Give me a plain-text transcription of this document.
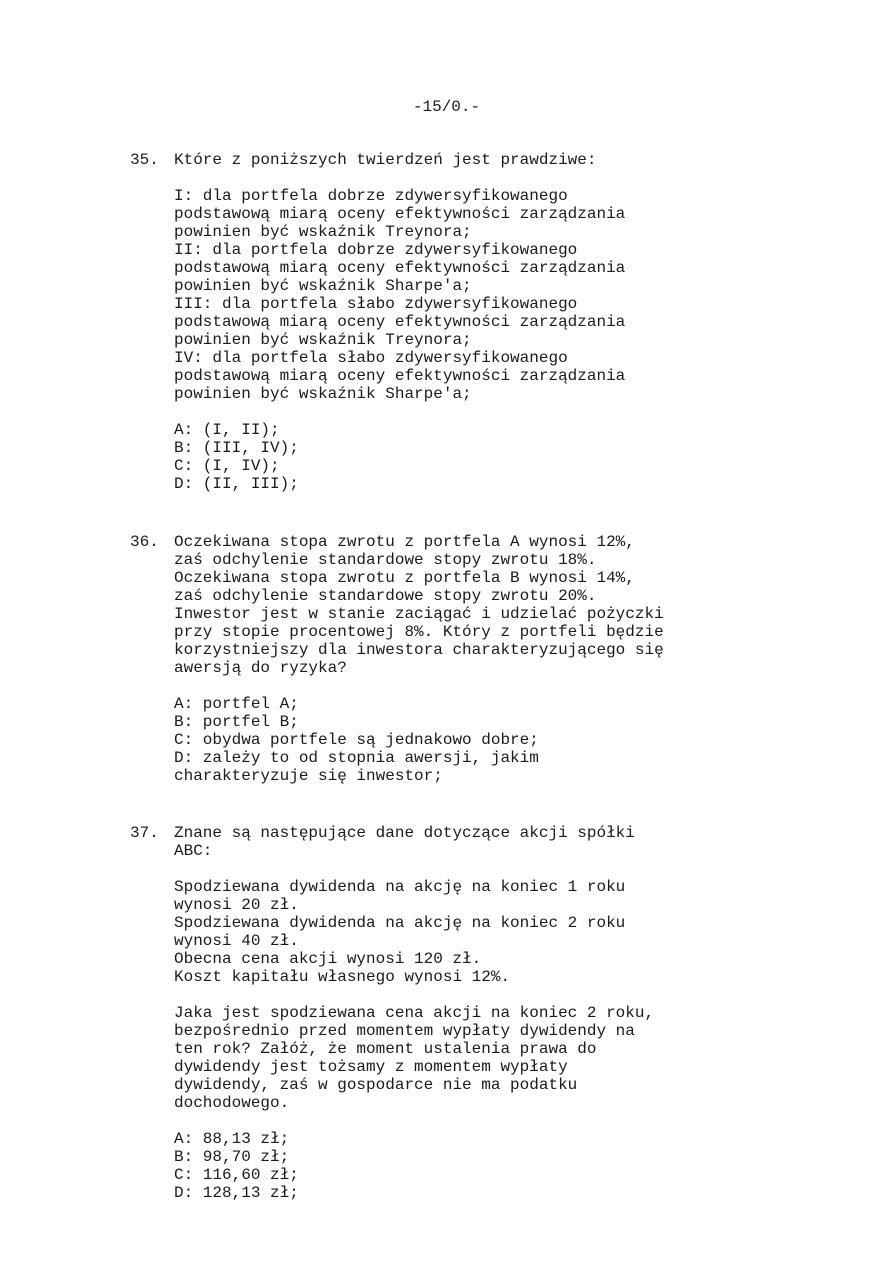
-15/0.-
35. Które z poniższych twierdzeń jest prawdziwe:
I: dla portfela dobrze zdywersyfikowanego
podstawową miarą oceny efektywności zarządzania
powinien być wskaźnik Treynora;
II: dla portfela dobrze zdywersyfikowanego
podstawową miarą oceny efektywności zarządzania
powinien być wskaźnik Sharpe'a;
III: dla portfela słabo zdywersyfikowanego
podstawową miarą oceny efektywności zarządzania
powinien być wskaźnik Treynora;
IV: dla portfela słabo zdywersyfikowanego
podstawową miarą oceny efektywności zarządzania
powinien być wskaźnik Sharpe'a;
A: (I, II);
B: (III, IV);
C: (I, IV);
D: (II, III);
36. Oczekiwana stopa zwrotu z portfela A wynosi 12%,
zaś odchylenie standardowe stopy zwrotu 18%.
Oczekiwana stopa zwrotu z portfela B wynosi 14%,
zaś odchylenie standardowe stopy zwrotu 20%.
Inwestor jest w stanie zaciągać i udzielać pożyczki
przy stopie procentowej 8%. Który z portfeli będzie
korzystniejszy dla inwestora charakteryzującego się
awersją do ryzyka?
A: portfel A;
B: portfel B;
C: obydwa portfele są jednakowo dobre;
D: zależy to od stopnia awersji, jakim
charakteryzuje się inwestor;
37. Znane są następujące dane dotyczące akcji spółki
ABC:
Spodziewana dywidenda na akcję na koniec 1 roku
wynosi 20 zł.
Spodziewana dywidenda na akcję na koniec 2 roku
wynosi 40 zł.
Obecna cena akcji wynosi 120 zł.
Koszt kapitału własnego wynosi 12%.
Jaka jest spodziewana cena akcji na koniec 2 roku,
bezpośrednio przed momentem wypłaty dywidendy na
ten rok? Załóż, że moment ustalenia prawa do
dywidendy jest tożsamy z momentem wypłaty
dywidendy, zaś w gospodarce nie ma podatku
dochodowego.
A: 88,13 zł;
B: 98,70 zł;
C: 116,60 zł;
D: 128,13 zł;
